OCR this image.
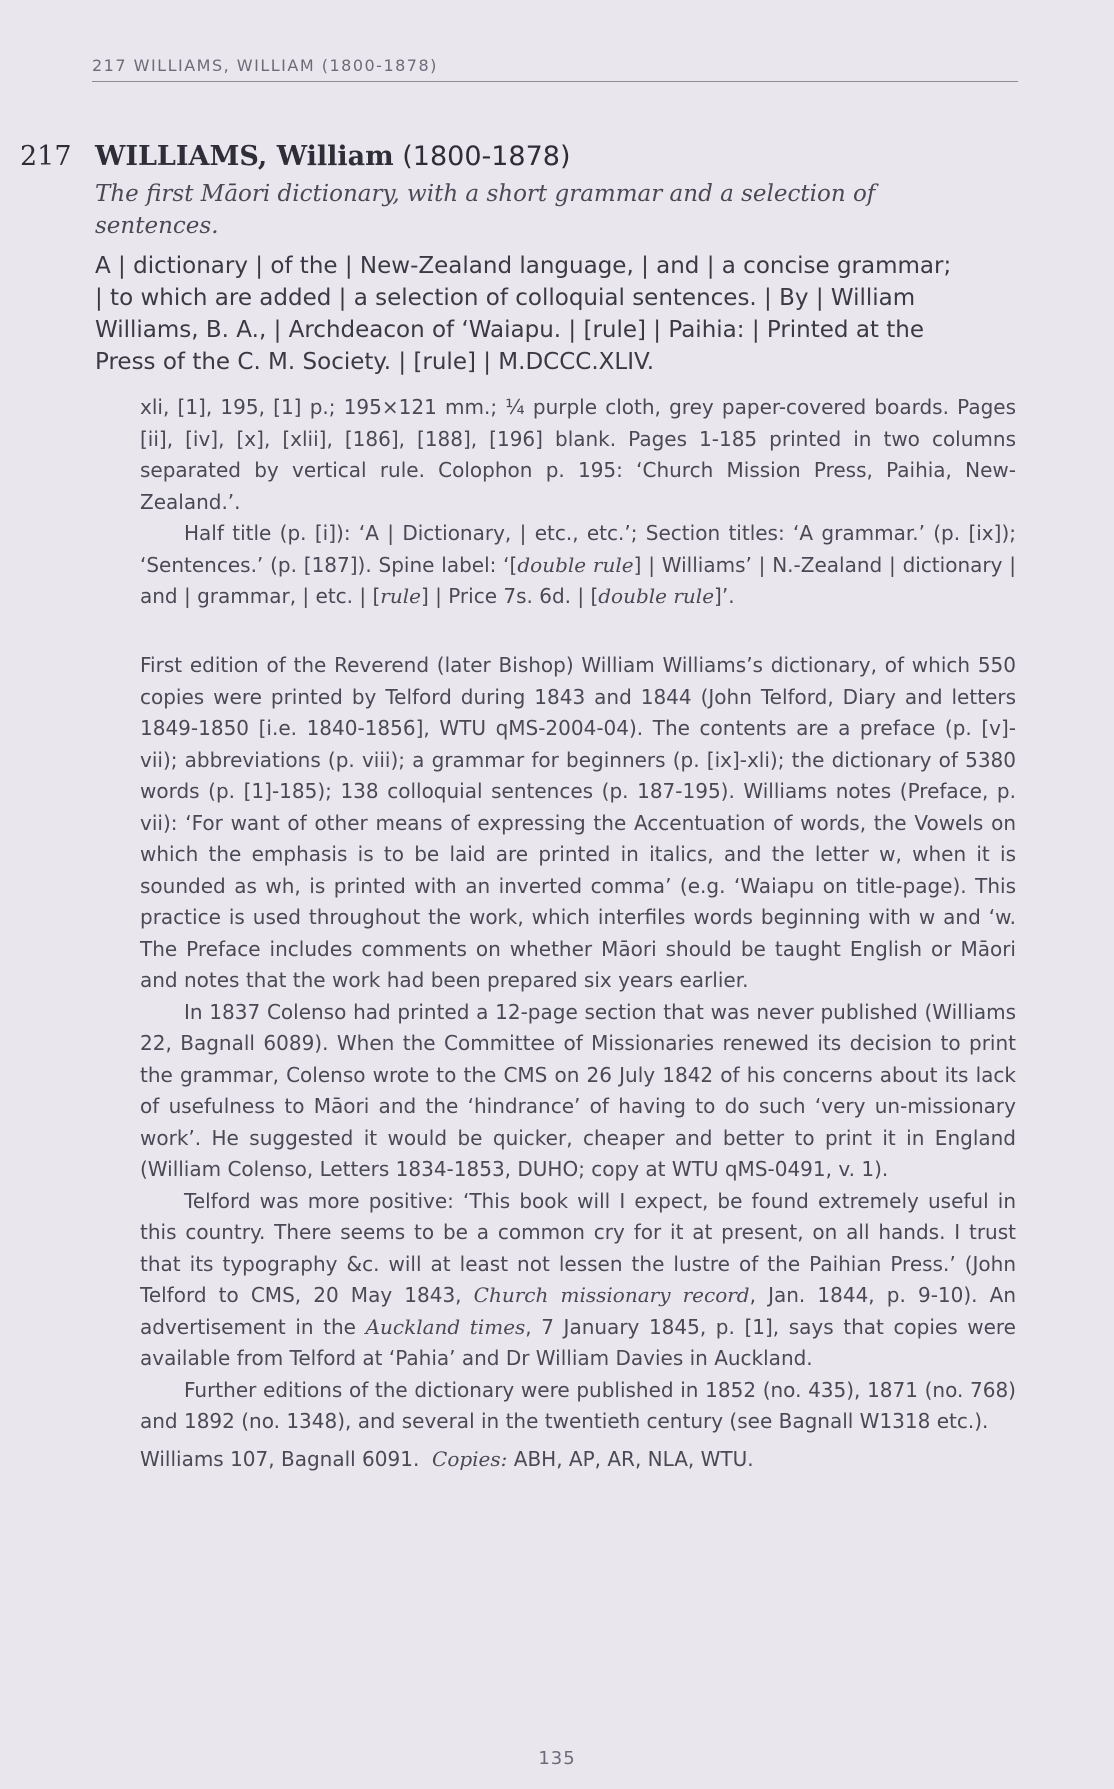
217 WILLIAMS, WILLIAM (1800-1878)
217 WILLIAMS, William (1800-1878)
The first Māori dictionary, with a short grammar and a selection of sentences.
A | dictionary | of the | New-Zealand language, | and | a concise grammar;
| to which are added | a selection of colloquial sentences. | By | William
Williams, B. A., | Archdeacon of ‘Waiapu. | [rule] | Paihia: | Printed at the
Press of the C. M. Society. | [rule] | M.DCCC.XLIV.

xli, [1], 195, [1] p.; 195×121 mm.; ¼ purple cloth, grey paper-covered boards. Pages [ii], [iv], [x], [xlii], [186], [188], [196] blank. Pages 1-185 printed in two columns separated by vertical rule. Colophon p. 195: ‘Church Mission Press, Paihia, New-Zealand.’.

Half title (p. [i]): ‘A | Dictionary, | etc., etc.’; Section titles: ‘A grammar.’ (p. [ix]); ‘Sentences.’ (p. [187]). Spine label: ‘[double rule] | Williams’ | N.-Zealand | dictionary | and | grammar, | etc. | [rule] | Price 7s. 6d. | [double rule]’.

First edition of the Reverend (later Bishop) William Williams’s dictionary, of which 550 copies were printed by Telford during 1843 and 1844 (John Telford, Diary and letters 1849-1850 [i.e. 1840-1856], WTU qMS-2004-04). The contents are a preface (p. [v]-vii); abbreviations (p. viii); a grammar for beginners (p. [ix]-xli); the dictionary of 5380 words (p. [1]-185); 138 colloquial sentences (p. 187-195). Williams notes (Preface, p. vii): ‘For want of other means of expressing the Accentuation of words, the Vowels on which the emphasis is to be laid are printed in italics, and the letter w, when it is sounded as wh, is printed with an inverted comma’ (e.g. ‘Waiapu on title-page). This practice is used throughout the work, which interfiles words beginning with w and ‘w. The Preface includes comments on whether Māori should be taught English or Māori and notes that the work had been prepared six years earlier.

In 1837 Colenso had printed a 12-page section that was never published (Williams 22, Bagnall 6089). When the Committee of Missionaries renewed its decision to print the grammar, Colenso wrote to the CMS on 26 July 1842 of his concerns about its lack of usefulness to Māori and the ‘hindrance’ of having to do such ‘very un-missionary work’. He suggested it would be quicker, cheaper and better to print it in England (William Colenso, Letters 1834-1853, DUHO; copy at WTU qMS-0491, v. 1).

Telford was more positive: ‘This book will I expect, be found extremely useful in this country. There seems to be a common cry for it at present, on all hands. I trust that its typography &c. will at least not lessen the lustre of the Paihian Press.’ (John Telford to CMS, 20 May 1843, Church missionary record, Jan. 1844, p. 9-10). An advertisement in the Auckland times, 7 January 1845, p. [1], says that copies were available from Telford at ‘Pahia’ and Dr William Davies in Auckland.

Further editions of the dictionary were published in 1852 (no. 435), 1871 (no. 768) and 1892 (no. 1348), and several in the twentieth century (see Bagnall W1318 etc.).

Williams 107, Bagnall 6091. Copies: ABH, AP, AR, NLA, WTU.

135
